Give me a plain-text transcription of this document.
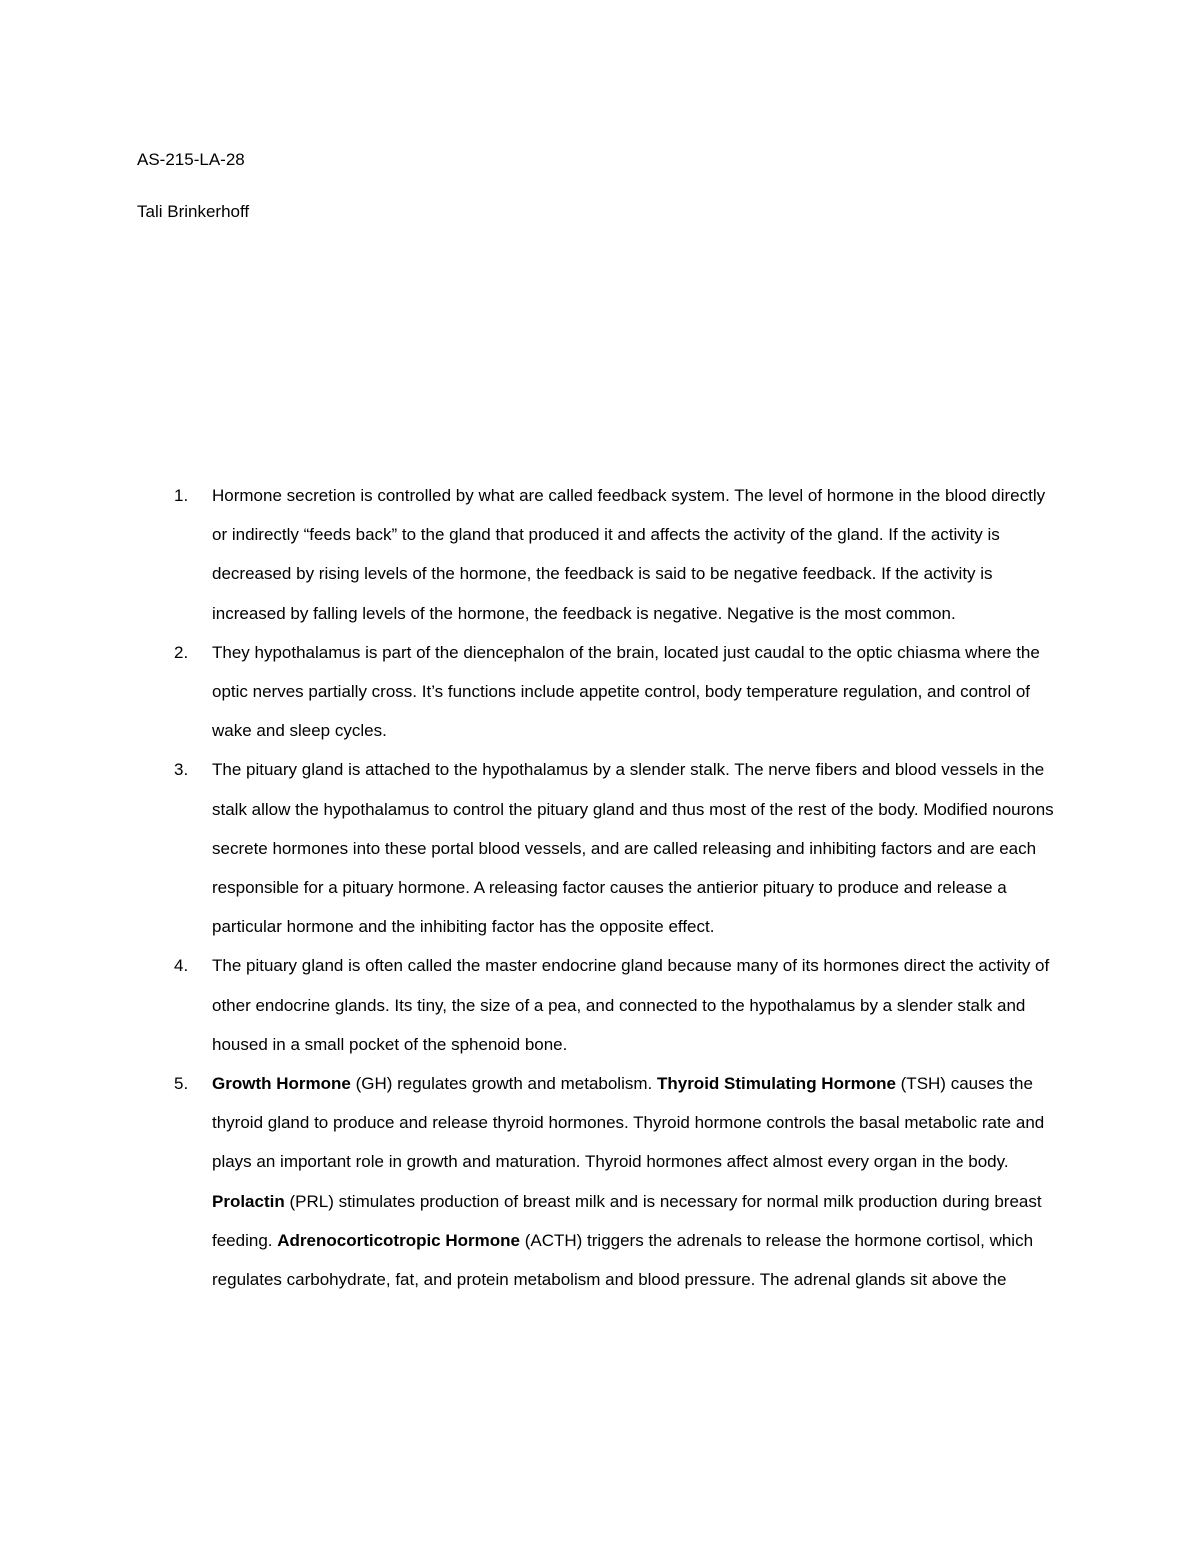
AS-215-LA-28
Tali Brinkerhoff
1. Hormone secretion is controlled by what are called feedback system. The level of hormone in the blood directly or indirectly “feeds back” to the gland that produced it and affects the activity of the gland. If the activity is decreased by rising levels of the hormone, the feedback is said to be negative feedback. If the activity is increased by falling levels of the hormone, the feedback is negative. Negative is the most common.
2. They hypothalamus is part of the diencephalon of the brain, located just caudal to the optic chiasma where the optic nerves partially cross. It’s functions include appetite control, body temperature regulation, and control of wake and sleep cycles.
3. The pituary gland is attached to the hypothalamus by a slender stalk. The nerve fibers and blood vessels in the stalk allow the hypothalamus to control the pituary gland and thus most of the rest of the body. Modified nourons secrete hormones into these portal blood vessels, and are called releasing and inhibiting factors and are each responsible for a pituary hormone. A releasing factor causes the antierior pituary to produce and release a particular hormone and the inhibiting factor has the opposite effect.
4. The pituary gland is often called the master endocrine gland because many of its hormones direct the activity of other endocrine glands. Its tiny, the size of a pea, and connected to the hypothalamus by a slender stalk and housed in a small pocket of the sphenoid bone.
5. Growth Hormone (GH) regulates growth and metabolism. Thyroid Stimulating Hormone (TSH) causes the thyroid gland to produce and release thyroid hormones. Thyroid hormone controls the basal metabolic rate and plays an important role in growth and maturation. Thyroid hormones affect almost every organ in the body. Prolactin (PRL) stimulates production of breast milk and is necessary for normal milk production during breast feeding. Adrenocorticotropic Hormone (ACTH) triggers the adrenals to release the hormone cortisol, which regulates carbohydrate, fat, and protein metabolism and blood pressure. The adrenal glands sit above the
